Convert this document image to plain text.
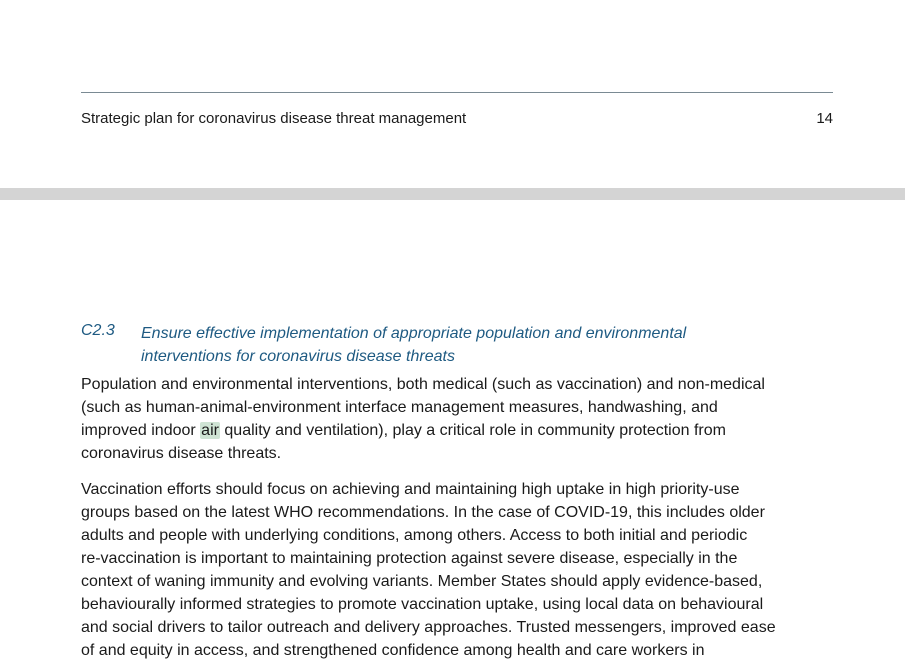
Strategic plan for coronavirus disease threat management	14
C2.3 Ensure effective implementation of appropriate population and environmental
interventions for coronavirus disease threats
Population and environmental interventions, both medical (such as vaccination) and non-medical
(such as human-animal-environment interface management measures, handwashing, and
improved indoor air quality and ventilation), play a critical role in community protection from
coronavirus disease threats.
Vaccination efforts should focus on achieving and maintaining high uptake in high priority-use
groups based on the latest WHO recommendations. In the case of COVID-19, this includes older
adults and people with underlying conditions, among others. Access to both initial and periodic
re-vaccination is important to maintaining protection against severe disease, especially in the
context of waning immunity and evolving variants. Member States should apply evidence-based,
behaviourally informed strategies to promote vaccination uptake, using local data on behavioural
and social drivers to tailor outreach and delivery approaches. Trusted messengers, improved ease
of and equity in access, and strengthened confidence among health and care workers in
